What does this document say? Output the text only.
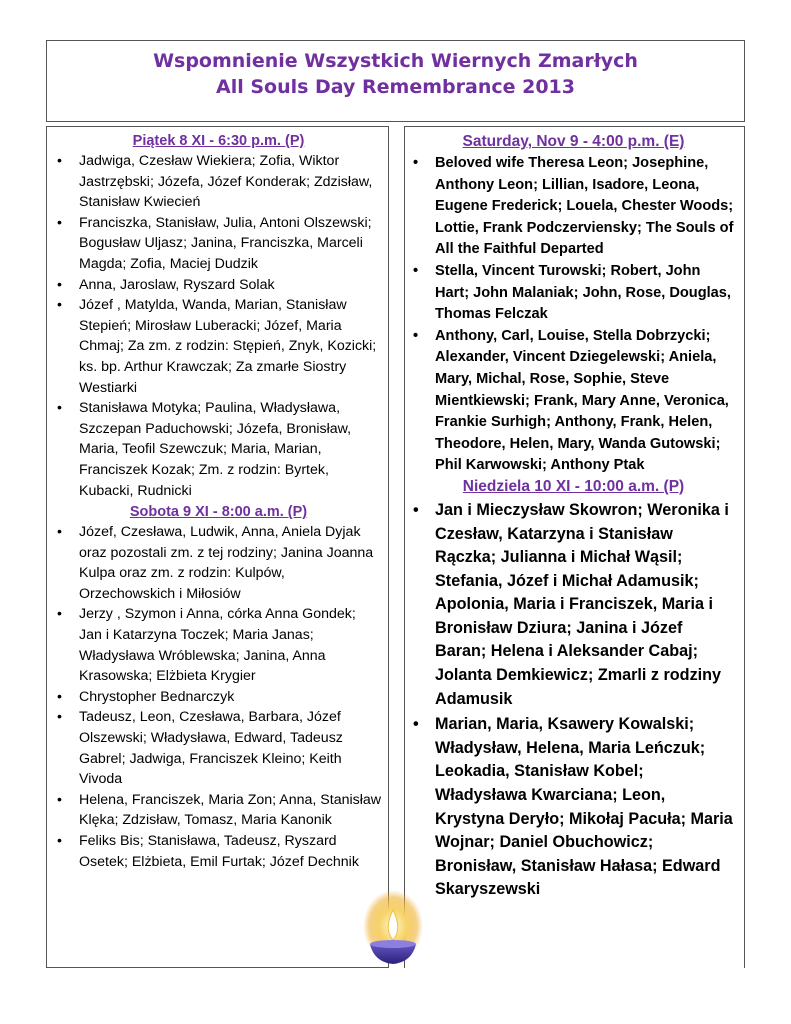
Wspomnienie Wszystkich Wiernych Zmarłych
All Souls Day Remembrance 2013
Piątek 8 XI - 6:30 p.m. (P)
• Jadwiga, Czesław Wiekiera; Zofia, Wiktor Jastrzębski; Józefa, Józef Konderak; Zdzisław, Stanisław Kwiecień
• Franciszka, Stanisław, Julia, Antoni Olszewski; Bogusław Uljasz; Janina, Franciszka, Marceli Magda; Zofia, Maciej Dudzik
• Anna, Jaroslaw, Ryszard Solak
• Józef , Matylda, Wanda, Marian, Stanisław Stepień; Mirosław Luberacki; Józef, Maria Chmaj; Za zm. z rodzin: Stępień, Znyk, Kozicki; ks. bp. Arthur Krawczak; Za zmarłe Siostry Westiarki
• Stanisława Motyka; Paulina, Władysława, Szczepan Paduchowski; Józefa, Bronisław, Maria, Teofil Szewczuk; Maria, Marian, Franciszek Kozak; Zm. z rodzin: Byrtek, Kubacki, Rudnicki
Sobota 9 XI - 8:00 a.m. (P)
• Józef, Czesława, Ludwik, Anna, Aniela Dyjak oraz pozostali zm. z tej rodziny; Janina Joanna Kulpa oraz zm. z rodzin: Kulpów, Orzechowskich i Miłosiów
• Jerzy , Szymon i Anna, córka Anna Gondek; Jan i Katarzyna Toczek; Maria Janas; Władysława Wróblewska; Janina, Anna Krasowska; Elżbieta Krygier
• Chrystopher Bednarczyk
• Tadeusz, Leon, Czesława, Barbara, Józef Olszewski; Władysława, Edward, Tadeusz Gabrel; Jadwiga, Franciszek Kleino; Keith Vivoda
• Helena, Franciszek, Maria Zon; Anna, Stanisław Klęka; Zdzisław, Tomasz, Maria Kanonik
• Feliks Bis; Stanisława, Tadeusz, Ryszard Osetek; Elżbieta, Emil Furtak; Józef Dechnik
Saturday, Nov 9 - 4:00 p.m. (E)
• Beloved wife Theresa Leon; Josephine, Anthony Leon; Lillian, Isadore, Leona, Eugene Frederick; Louela, Chester Woods; Lottie, Frank Podczerviensky; The Souls of All the Faithful Departed
• Stella, Vincent Turowski; Robert, John Hart; John Malaniak; John, Rose, Douglas, Thomas Felczak
• Anthony, Carl, Louise, Stella Dobrzycki; Alexander, Vincent Dziegelewski; Aniela, Mary, Michal, Rose, Sophie, Steve Mientkiewski; Frank, Mary Anne, Veronica, Frankie Surhigh; Anthony, Frank, Helen, Theodore, Helen, Mary, Wanda Gutowski; Phil Karwowski; Anthony Ptak
Niedziela 10 XI - 10:00 a.m. (P)
• Jan i Mieczysław Skowron; Weronika i Czesław, Katarzyna i Stanisław Rączka; Julianna i Michał Wąsil; Stefania, Józef i Michał Adamusik; Apolonia, Maria i Franciszek, Maria i Bronisław Dziura; Janina i Józef Baran; Helena i Aleksander Cabaj; Jolanta Demkiewicz; Zmarli z rodziny Adamusik
• Marian, Maria, Ksawery Kowalski; Władysław, Helena, Maria Leńczuk; Leokadia, Stanisław Kobel; Władysława Kwarciana; Leon, Krystyna Deryło; Mikołaj Pacuła; Maria Wojnar; Daniel Obuchowicz; Bronisław, Stanisław Hałasa; Edward Skaryszewski
